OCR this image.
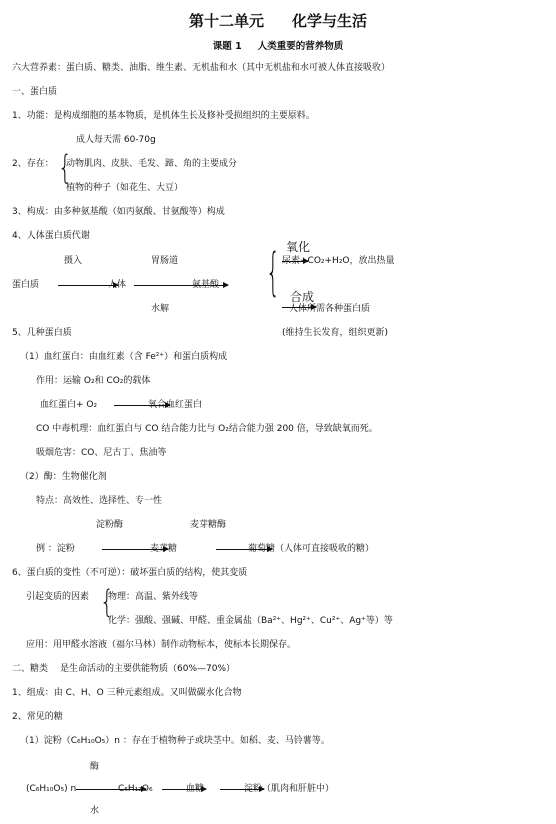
第十二单元 化学与生活
课题 1 人类重要的营养物质
六大营养素：蛋白质、糖类、油脂、维生素、无机盐和水（其中无机盐和水可被人体直接吸收）
一、蛋白质
1、功能：是构成细胞的基本物质，是机体生长及修补受损组织的主要原料。
成人每天需 60-70g
2、存在： {
动物肌肉、皮肤、毛发、蹄、角的主要成分
植物的种子（如花生、大豆）
3、构成：由多种氨基酸（如丙氨酸、甘氨酸等）构成
4、人体蛋白质代谢
摄入	胃肠道
氧化
{ 尿素+CO₂+H₂O，放出热量
蛋白质	人体	氨基酸
合成
水解	人体所需各种蛋白质
5、几种蛋白质	(维持生长发育，组织更新)
（1）血红蛋白：由血红素（含 Fe²⁺）和蛋白质构成
作用：运输 O₂和 CO₂的载体
血红蛋白+ O₂	氧合血红蛋白
CO 中毒机理：血红蛋白与 CO 结合能力比与 O₂结合能力强 200 倍，导致缺氧而死。
吸烟危害：CO、尼古丁、焦油等
（2）酶：生物催化剂
特点：高效性、选择性、专一性
淀粉酶	麦芽糖酶
例 ：淀粉	麦芽糖	葡萄糖（人体可直接吸收的糖）
6、蛋白质的变性（不可逆）：破坏蛋白质的结构，使其变质
引起变质的因素 {
物理：高温、紫外线等
化学：强酸、强碱、甲醛、重金属盐（Ba²⁺、Hg²⁺、Cu²⁺、Ag⁺等）等
应用：用甲醛水溶液（福尔马林）制作动物标本，使标本长期保存。
二、糖类 是生命活动的主要供能物质（60%—70%）
1、组成：由 C、H、O 三种元素组成。又叫做碳水化合物
2、常见的糖
（1）淀粉（C₆H₁₀O₅）n ：存在于植物种子或块茎中。如稻、麦、马铃薯等。
酶
(C₆H₁₀O₅) n	C₆H₁₂O₆	血糖	淀粉（肌肉和肝脏中）
水
